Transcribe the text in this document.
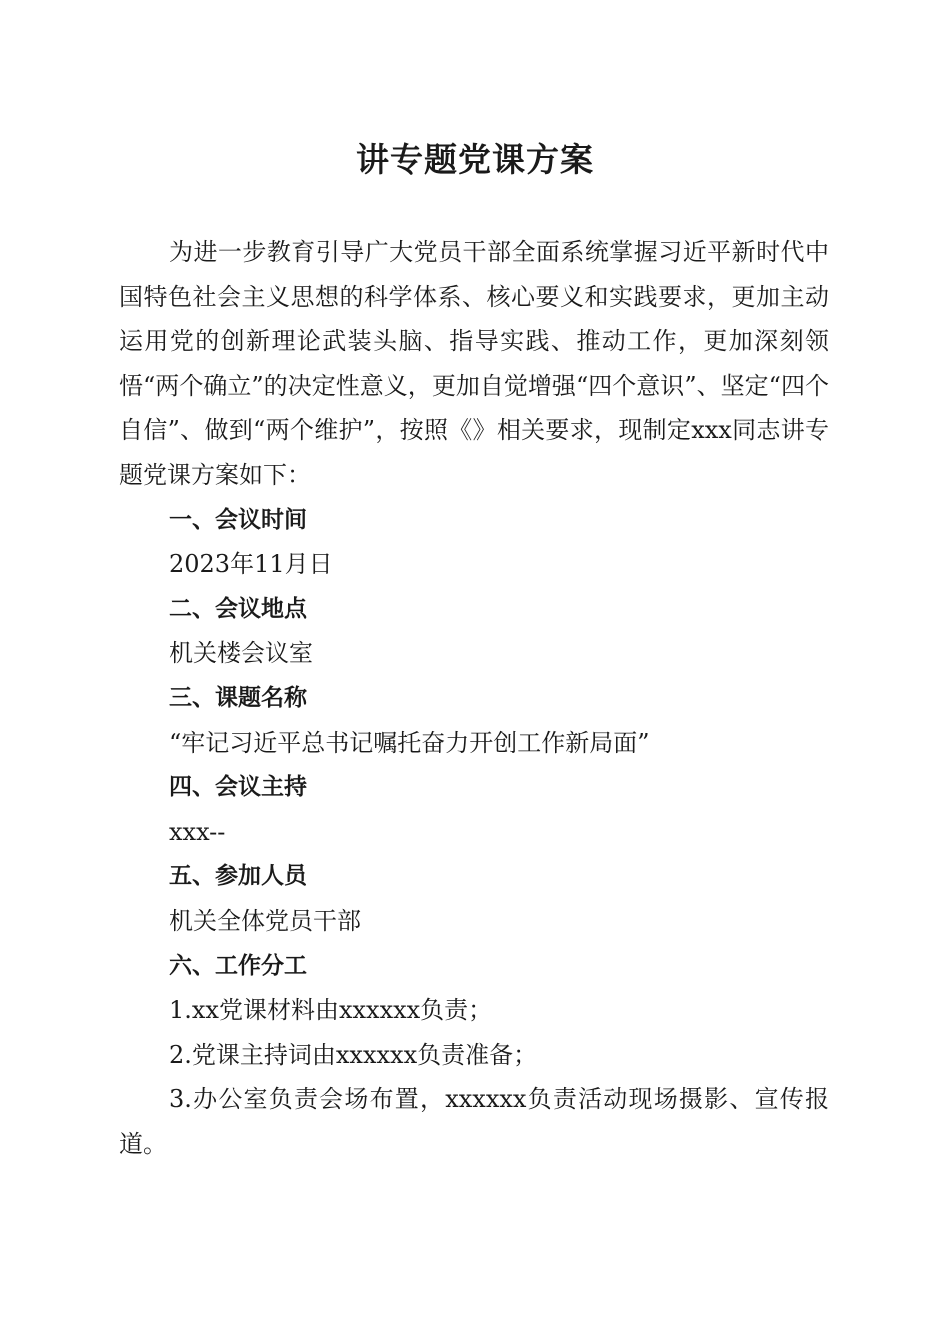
讲专题党课方案

为进一步教育引导广大党员干部全面系统掌握习近平新时代中国特色社会主义思想的科学体系、核心要义和实践要求，更加主动运用党的创新理论武装头脑、指导实践、推动工作，更加深刻领悟“两个确立”的决定性意义，更加自觉增强“四个意识”、坚定“四个自信”、做到“两个维护”，按照《》相关要求，现制定xxx同志讲专题党课方案如下：

一、会议时间

2023年11月日

二、会议地点

机关楼会议室

三、课题名称

“牢记习近平总书记嘱托奋力开创工作新局面”

四、会议主持

xxx--

五、参加人员

机关全体党员干部

六、工作分工

1.xx党课材料由xxxxxx负责；

2.党课主持词由xxxxxx负责准备；

3.办公室负责会场布置，xxxxxx负责活动现场摄影、宣传报道。
